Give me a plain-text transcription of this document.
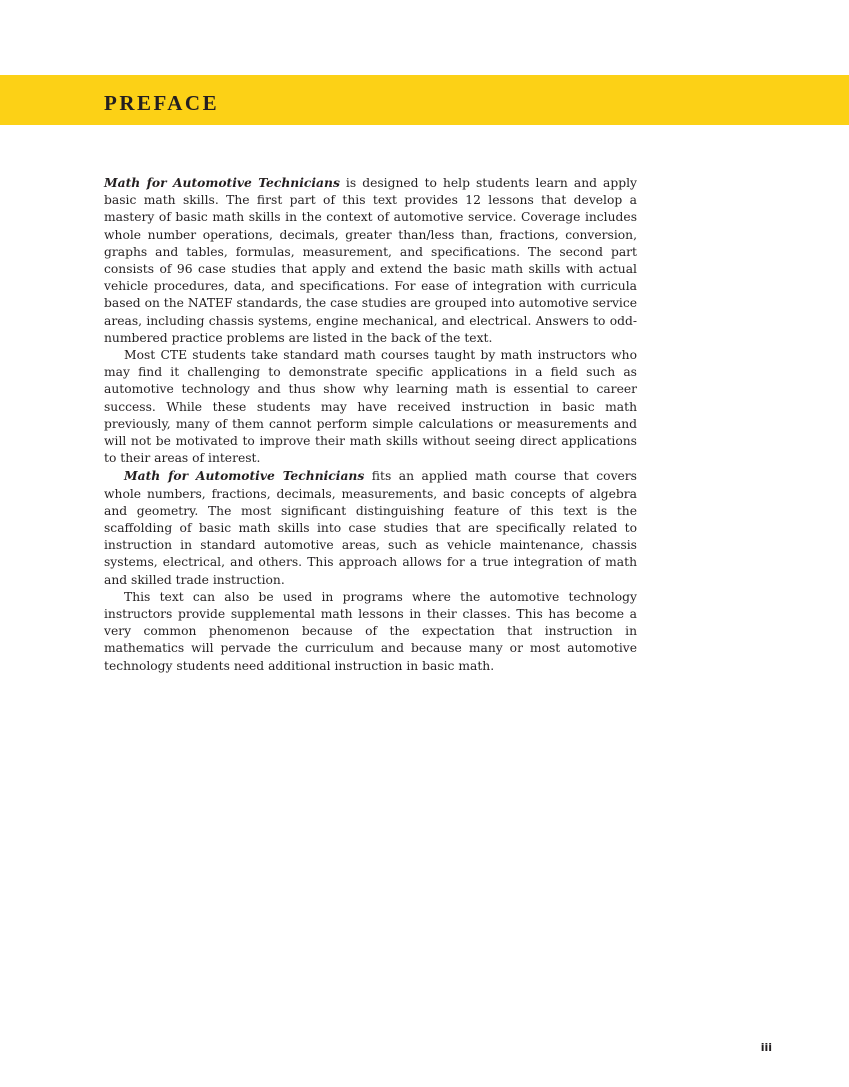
PREFACE

Math for Automotive Technicians is designed to help students learn and apply basic math skills. The first part of this text provides 12 lessons that develop a mastery of basic math skills in the context of automotive service. Coverage includes whole number operations, decimals, greater than/less than, fractions, conversion, graphs and tables, formulas, measurement, and specifications. The second part consists of 96 case studies that apply and extend the basic math skills with actual vehicle procedures, data, and specifications. For ease of integration with curricula based on the NATEF standards, the case studies are grouped into automotive service areas, including chassis systems, engine mechanical, and electrical. Answers to odd-numbered practice problems are listed in the back of the text.

Most CTE students take standard math courses taught by math instructors who may find it challenging to demonstrate specific applications in a field such as automotive technology and thus show why learning math is essential to career success. While these students may have received instruction in basic math previously, many of them cannot perform simple calculations or measurements and will not be motivated to improve their math skills without seeing direct applications to their areas of interest.

Math for Automotive Technicians fits an applied math course that covers whole numbers, fractions, decimals, measurements, and basic concepts of algebra and geometry. The most significant distinguishing feature of this text is the scaffolding of basic math skills into case studies that are specifically related to instruction in standard automotive areas, such as vehicle maintenance, chassis systems, electrical, and others. This approach allows for a true integration of math and skilled trade instruction.

This text can also be used in programs where the automotive technology instructors provide supplemental math lessons in their classes. This has become a very common phenomenon because of the expectation that instruction in mathematics will pervade the curriculum and because many or most automotive technology students need additional instruction in basic math.

iii
